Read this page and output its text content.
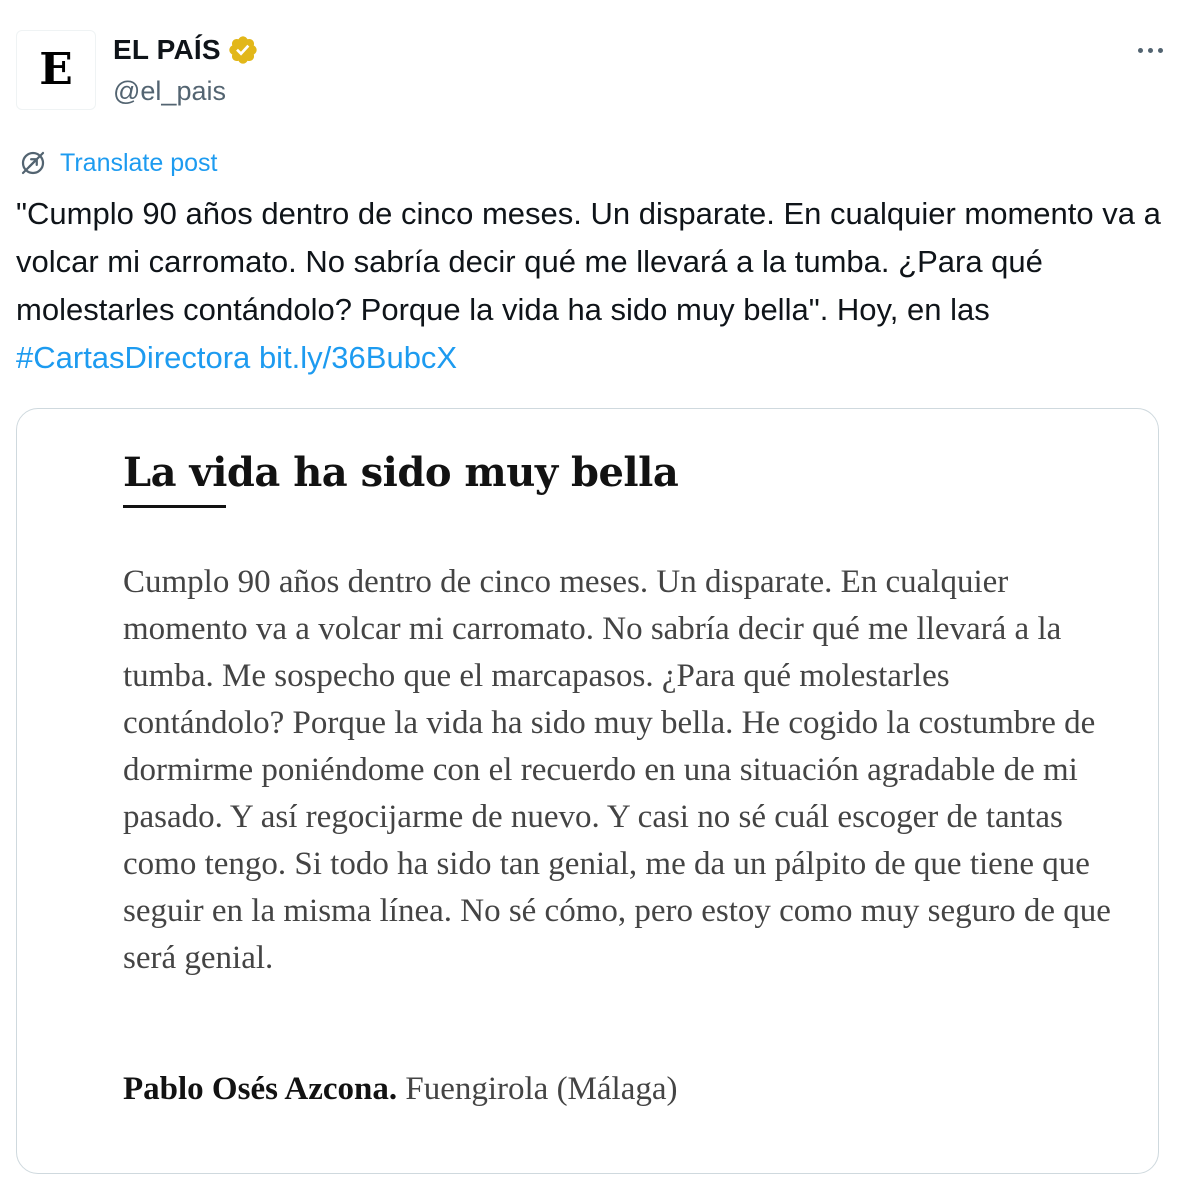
E EL PAÍS
@el_pais
Translate post
"Cumplo 90 años dentro de cinco meses. Un disparate. En cualquier momento va a volcar mi carromato. No sabría decir qué me llevará a la tumba. ¿Para qué molestarles contándolo? Porque la vida ha sido muy bella". Hoy, en las #CartasDirectora bit.ly/36BubcX
La vida ha sido muy bella
Cumplo 90 años dentro de cinco meses. Un disparate. En cualquier momento va a volcar mi carromato. No sabría decir qué me llevará a la tumba. Me sospecho que el marcapasos. ¿Para qué molestarles contándolo? Porque la vida ha sido muy bella. He cogido la costumbre de dormirme poniéndome con el recuerdo en una situación agradable de mi pasado. Y así regocijarme de nuevo. Y casi no sé cuál escoger de tantas como tengo. Si todo ha sido tan genial, me da un pálpito de que tiene que seguir en la misma línea. No sé cómo, pero estoy como muy seguro de que será genial.
Pablo Osés Azcona. Fuengirola (Málaga)
